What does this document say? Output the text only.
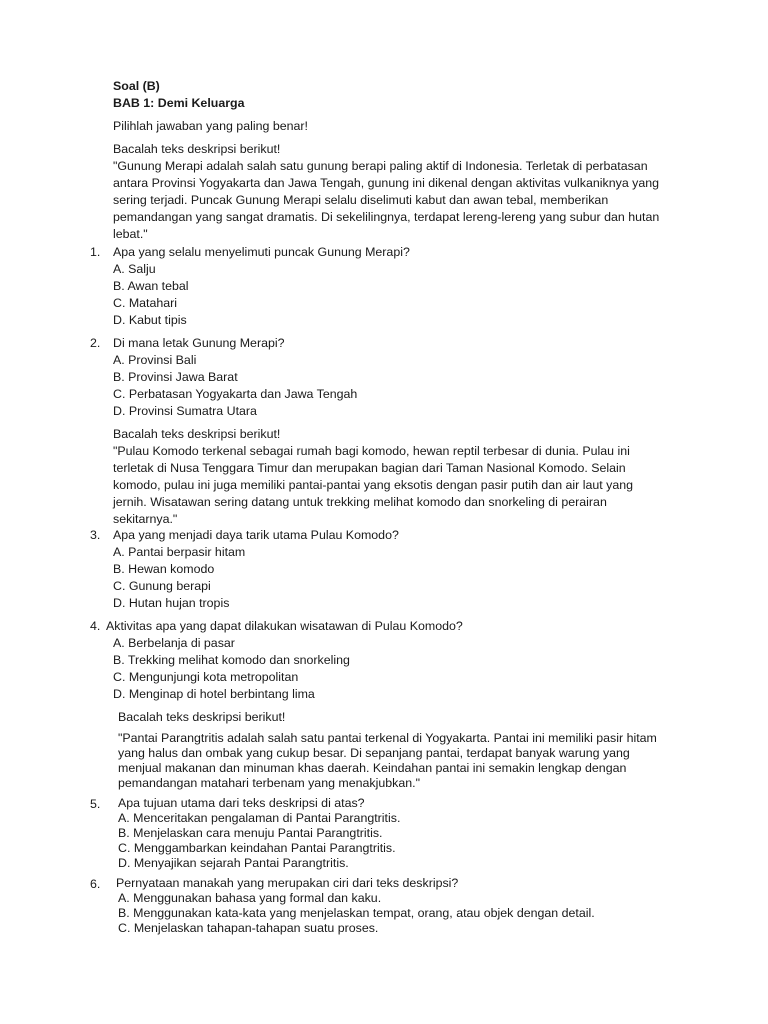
Soal (B)
BAB 1: Demi Keluarga
Pilihlah jawaban yang paling benar!
Bacalah teks deskripsi berikut!
"Gunung Merapi adalah salah satu gunung berapi paling aktif di Indonesia. Terletak di perbatasan
antara Provinsi Yogyakarta dan Jawa Tengah, gunung ini dikenal dengan aktivitas vulkaniknya yang
sering terjadi. Puncak Gunung Merapi selalu diselimuti kabut dan awan tebal, memberikan
pemandangan yang sangat dramatis. Di sekelilingnya, terdapat lereng-lereng yang subur dan hutan
lebat."
1. Apa yang selalu menyelimuti puncak Gunung Merapi?
A. Salju
B. Awan tebal
C. Matahari
D. Kabut tipis
2. Di mana letak Gunung Merapi?
A. Provinsi Bali
B. Provinsi Jawa Barat
C. Perbatasan Yogyakarta dan Jawa Tengah
D. Provinsi Sumatra Utara
Bacalah teks deskripsi berikut!
"Pulau Komodo terkenal sebagai rumah bagi komodo, hewan reptil terbesar di dunia. Pulau ini
terletak di Nusa Tenggara Timur dan merupakan bagian dari Taman Nasional Komodo. Selain
komodo, pulau ini juga memiliki pantai-pantai yang eksotis dengan pasir putih dan air laut yang
jernih. Wisatawan sering datang untuk trekking melihat komodo dan snorkeling di perairan
sekitarnya."
3. Apa yang menjadi daya tarik utama Pulau Komodo?
A. Pantai berpasir hitam
B. Hewan komodo
C. Gunung berapi
D. Hutan hujan tropis
4. Aktivitas apa yang dapat dilakukan wisatawan di Pulau Komodo?
A. Berbelanja di pasar
B. Trekking melihat komodo dan snorkeling
C. Mengunjungi kota metropolitan
D. Menginap di hotel berbintang lima
Bacalah teks deskripsi berikut!
"Pantai Parangtritis adalah salah satu pantai terkenal di Yogyakarta. Pantai ini memiliki pasir hitam
yang halus dan ombak yang cukup besar. Di sepanjang pantai, terdapat banyak warung yang
menjual makanan dan minuman khas daerah. Keindahan pantai ini semakin lengkap dengan
pemandangan matahari terbenam yang menakjubkan."
5. Apa tujuan utama dari teks deskripsi di atas?
A. Menceritakan pengalaman di Pantai Parangtritis.
B. Menjelaskan cara menuju Pantai Parangtritis.
C. Menggambarkan keindahan Pantai Parangtritis.
D. Menyajikan sejarah Pantai Parangtritis.
6. Pernyataan manakah yang merupakan ciri dari teks deskripsi?
A. Menggunakan bahasa yang formal dan kaku.
B. Menggunakan kata-kata yang menjelaskan tempat, orang, atau objek dengan detail.
C. Menjelaskan tahapan-tahapan suatu proses.
